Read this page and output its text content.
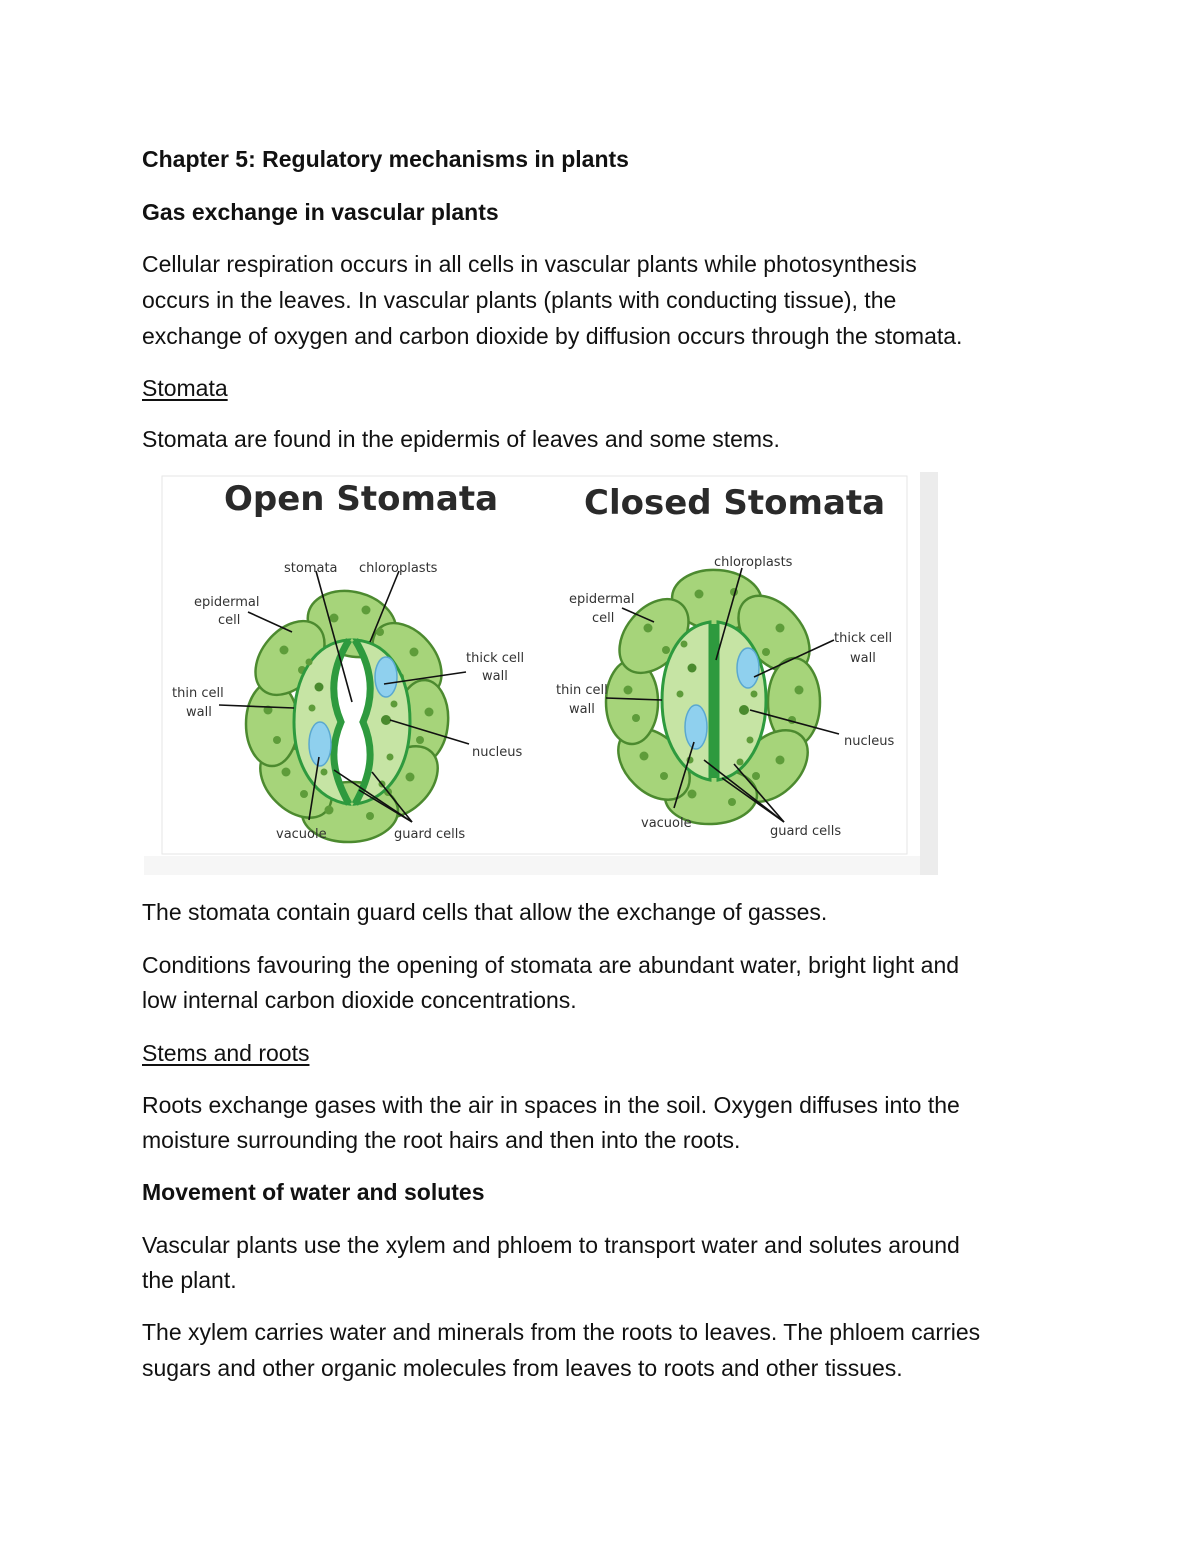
Chapter 5: Regulatory mechanisms in plants
Gas exchange in vascular plants
Cellular respiration occurs in all cells in vascular plants while photosynthesis
occurs in the leaves. In vascular plants (plants with conducting tissue), the
exchange of oxygen and carbon dioxide by diffusion occurs through the stomata.
Stomata
Stomata are found in the epidermis of leaves and some stems.
The stomata contain guard cells that allow the exchange of gasses.
Conditions favouring the opening of stomata are abundant water, bright light and
low internal carbon dioxide concentrations.
Stems and roots
Roots exchange gases with the air in spaces in the soil. Oxygen diffuses into the
moisture surrounding the root hairs and then into the roots.
Movement of water and solutes
Vascular plants use the xylem and phloem to transport water and solutes around
the plant.
The xylem carries water and minerals from the roots to leaves. The phloem carries
sugars and other organic molecules from leaves to roots and other tissues.
Open Stomata	Closed Stomata
stomata chloroplasts
epidermal
cell
thick cell
wall
thin cell
wall
nucleus
vacuole	guard cells
chloroplasts
epidermal
cell
thick cell
wall
thin cell
wall
nucleus
vacuole
guard cells
